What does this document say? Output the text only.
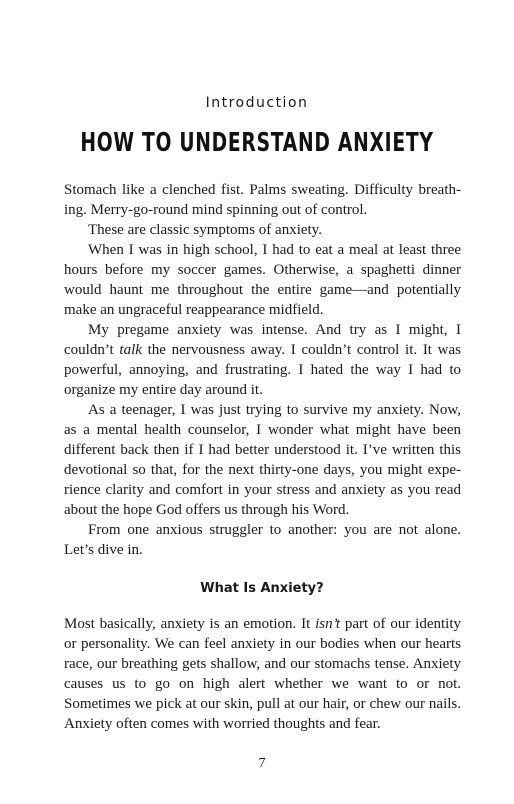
Introduction
HOW TO UNDERSTAND ANXIETY

Stomach like a clenched fist. Palms sweating. Difficulty breathing. Merry-go-round mind spinning out of control.

These are classic symptoms of anxiety.

When I was in high school, I had to eat a meal at least three hours before my soccer games. Otherwise, a spaghetti dinner would haunt me throughout the entire game—and potentially make an ungraceful reappearance midfield.

My pregame anxiety was intense. And try as I might, I couldn’t talk the nervousness away. I couldn’t control it. It was powerful, annoying, and frustrating. I hated the way I had to organize my entire day around it.

As a teenager, I was just trying to survive my anxiety. Now, as a mental health counselor, I wonder what might have been different back then if I had better understood it. I’ve written this devotional so that, for the next thirty-one days, you might experience clarity and comfort in your stress and anxiety as you read about the hope God offers us through his Word.

From one anxious struggler to another: you are not alone. Let’s dive in.

What Is Anxiety?

Most basically, anxiety is an emotion. It isn’t part of our identity or personality. We can feel anxiety in our bodies when our hearts race, our breathing gets shallow, and our stomachs tense. Anxiety causes us to go on high alert whether we want to or not. Sometimes we pick at our skin, pull at our hair, or chew our nails. Anxiety often comes with worried thoughts and fear.

7
